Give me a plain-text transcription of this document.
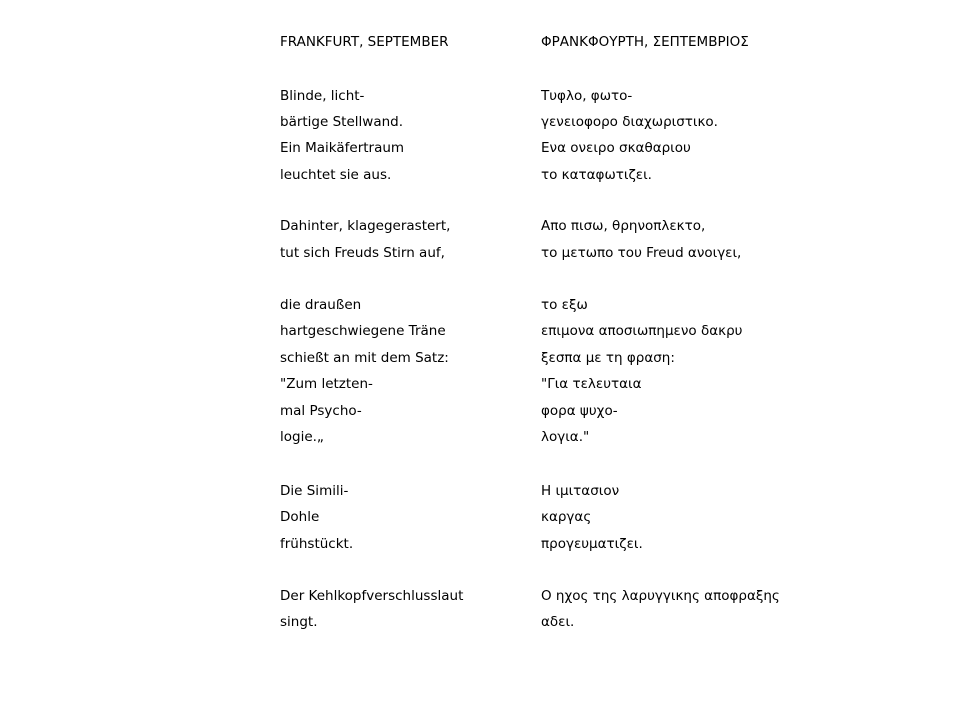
FRANKFURT, SEPTEMBER
Blinde, licht-
bärtige Stellwand.
Ein Maikäfertraum
leuchtet sie aus.
Dahinter, klagegerastert,
tut sich Freuds Stirn auf,
die draußen
hartgeschwiegene Träne
schießt an mit dem Satz:
"Zum letzten-
mal Psycho-
logie.„
Die Simili-
Dohle
frühstückt.
Der Kehlkopfverschlusslaut
singt.
ΦΡΑΝΚΦΟΥΡΤΗ, ΣΕΠΤΕΜΒΡΙΟΣ
Τυφλο, φωτο-
γενειοφορο διαχωριστικο.
Ενα ονειρο σκαθαριου
το καταφωτιζει.
Απο πισω, θρηνοπλεκτο,
το μετωπο του Freud ανοιγει,
το εξω
επιμονα αποσιωπημενο δακρυ
ξεσπα με τη φραση:
"Για τελευταια
φορα ψυχο-
λογια."
Η ιμιτασιον
καργας
προγευματιζει.
Ο ηχος της λαρυγγικης αποφραξης
αδει.
